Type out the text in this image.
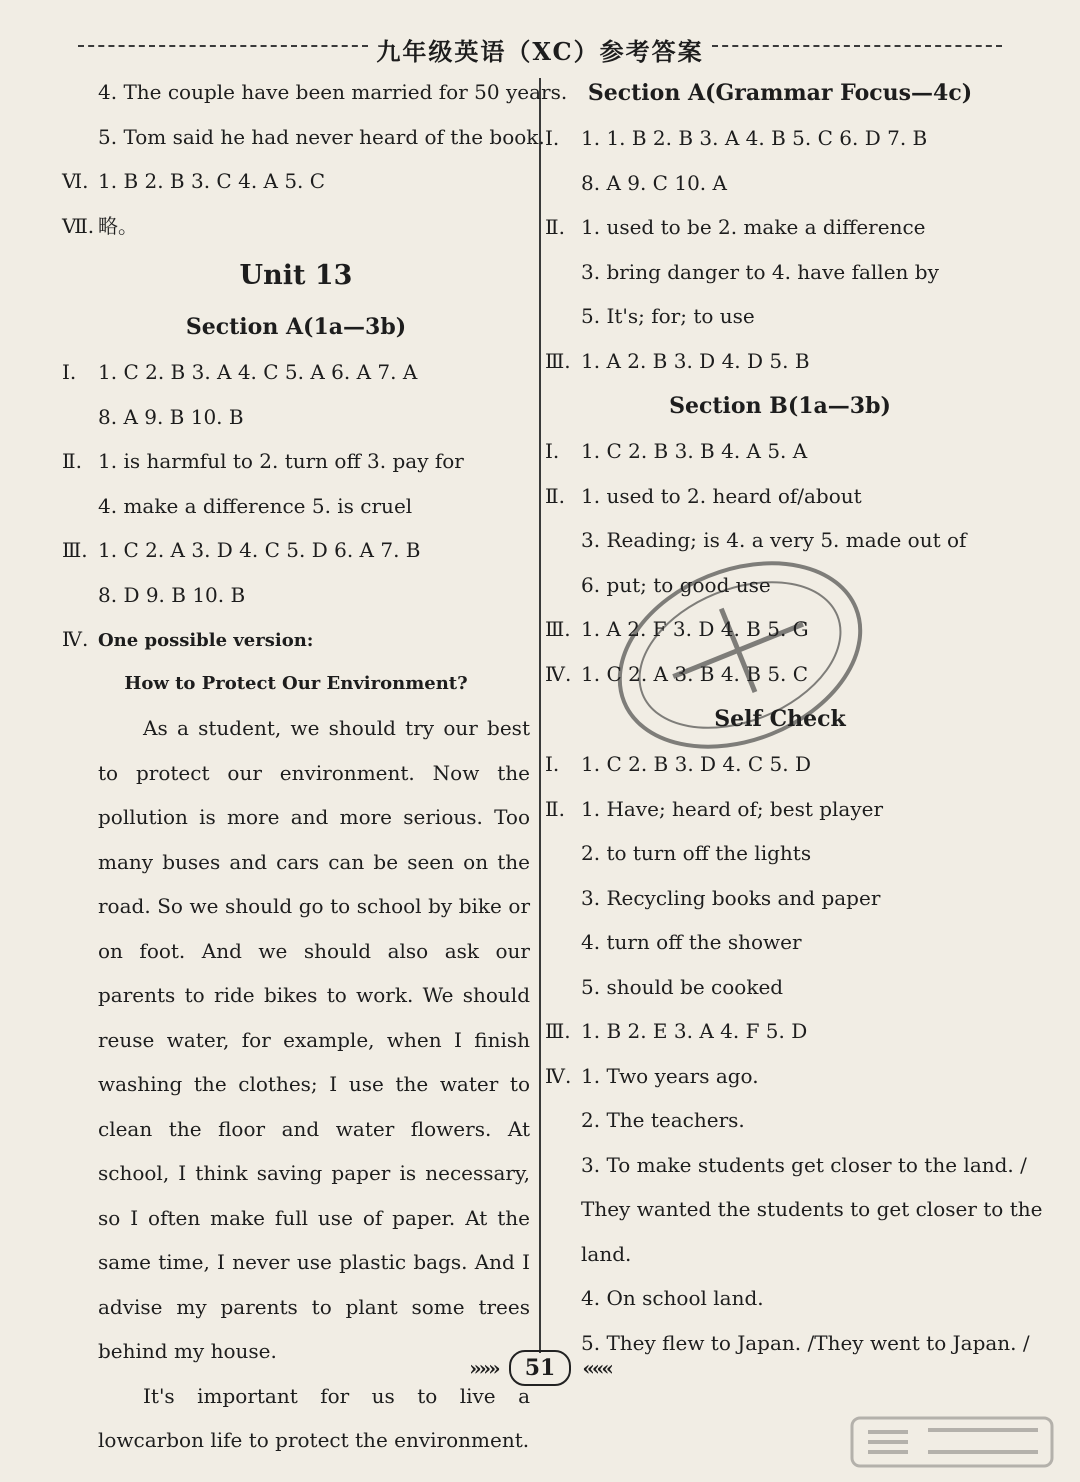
九年级英语（XC）参考答案
4. The couple have been married for 50 years.
5. Tom said he had never heard of the book.
Ⅵ. 1. B 2. B 3. C 4. A 5. C
Ⅶ. 略。
Unit 13
Section A(1a—3b)
Ⅰ. 1. C 2. B 3. A 4. C 5. A 6. A 7. A
8. A 9. B 10. B
Ⅱ. 1. is harmful to 2. turn off 3. pay for
4. make a difference 5. is cruel
Ⅲ. 1. C 2. A 3. D 4. C 5. D 6. A 7. B
8. D 9. B 10. B
Ⅳ. One possible version:
How to Protect Our Environment?

As a student, we should try our best to protect our environment. Now the pollution is more and more serious. Too many buses and cars can be seen on the road. So we should go to school by bike or on foot. And we should also ask our parents to ride bikes to work. We should reuse water, for example, when I finish washing the clothes; I use the water to clean the floor and water flowers. At school, I think saving paper is necessary, so I often make full use of paper. At the same time, I never use plastic bags. And I advise my parents to plant some trees behind my house.

It's important for us to live a lowcarbon life to protect the environment.

Section A(Grammar Focus—4c)
Ⅰ. 1. 1. B 2. B 3. A 4. B 5. C 6. D 7. B
8. A 9. C 10. A
Ⅱ. 1. used to be 2. make a difference
3. bring danger to 4. have fallen by
5. It's; for; to use
Ⅲ. 1. A 2. B 3. D 4. D 5. B
Section B(1a—3b)
Ⅰ. 1. C 2. B 3. B 4. A 5. A
Ⅱ. 1. used to 2. heard of/about
3. Reading; is 4. a very 5. made out of
6. put; to good use
Ⅲ. 1. A 2. F 3. D 4. B 5. G
Ⅳ. 1. C 2. A 3. B 4. B 5. C
Self Check
Ⅰ. 1. C 2. B 3. D 4. C 5. D
Ⅱ. 1. Have; heard of; best player
2. to turn off the lights
3. Recycling books and paper
4. turn off the shower
5. should be cooked
Ⅲ. 1. B 2. E 3. A 4. F 5. D
Ⅳ. 1. Two years ago.
2. The teachers.
3. To make students get closer to the land. /
They wanted the students to get closer to the
land.
4. On school land.
5. They flew to Japan. /They went to Japan. /
»»» 51 «««
